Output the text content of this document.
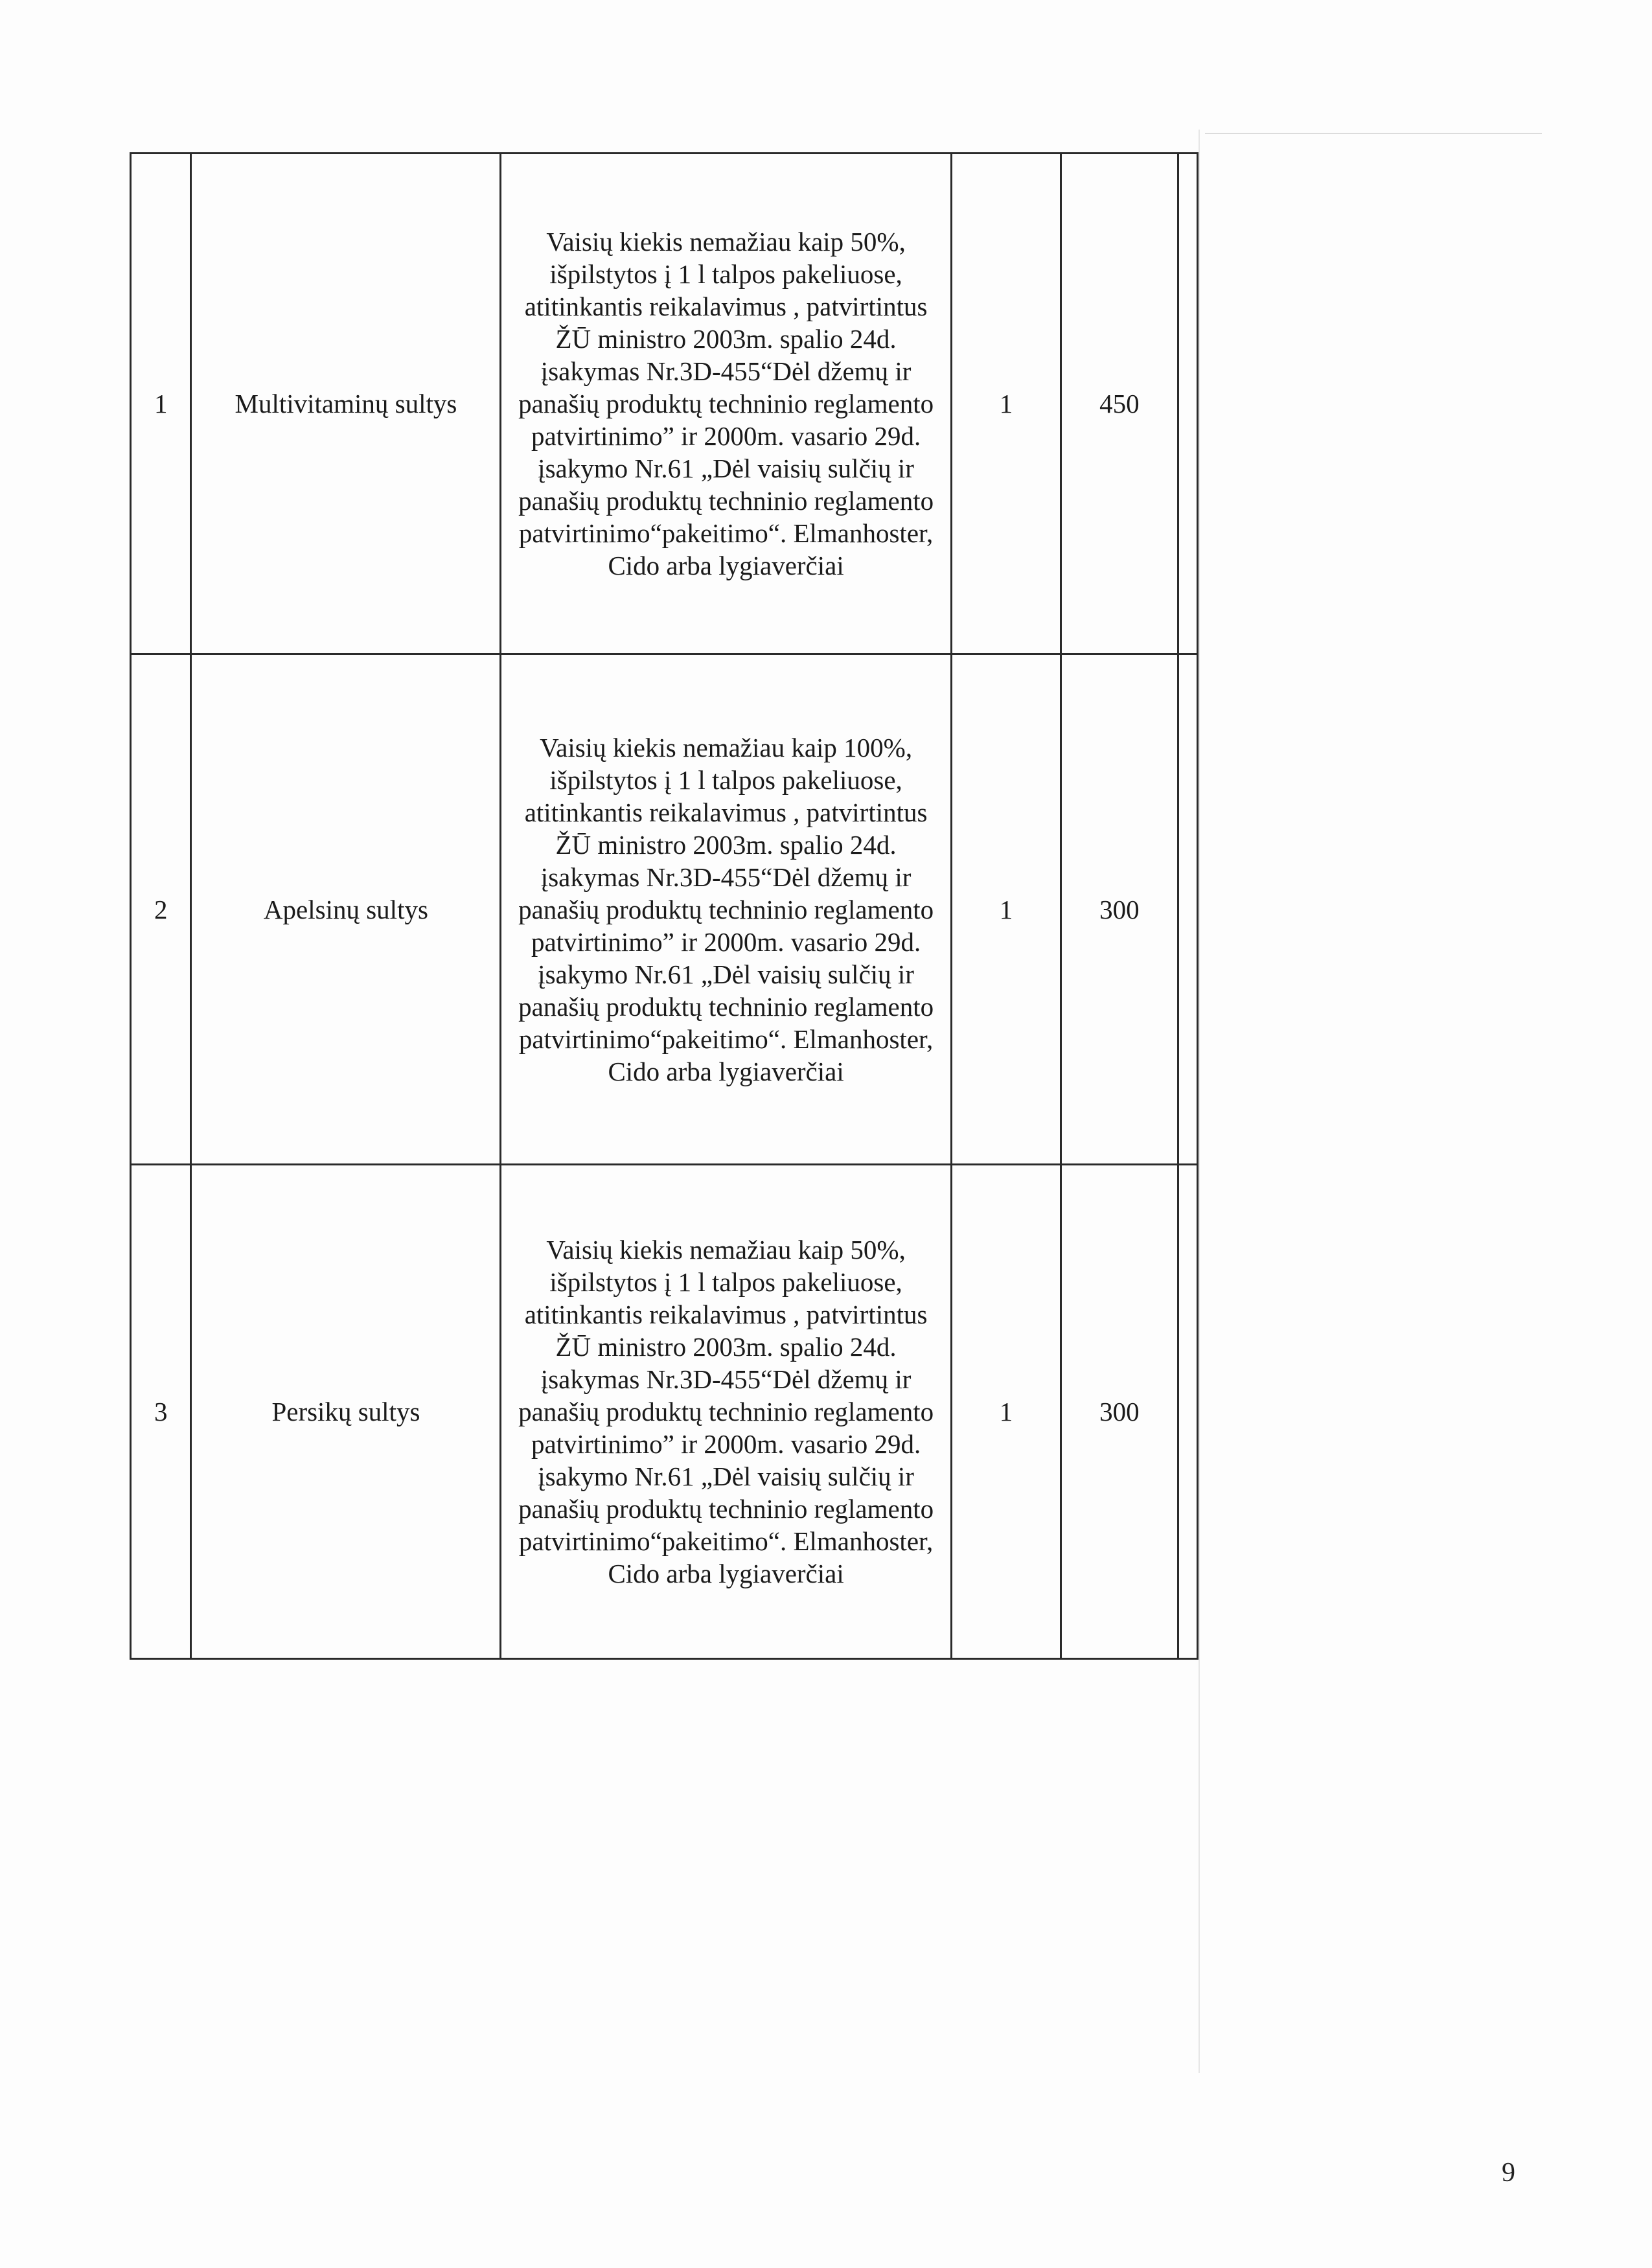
1	Multivitaminų sultys	Vaisių kiekis nemažiau kaip 50%, išpilstytos į 1 l talpos pakeliuose, atitinkantis reikalavimus , patvirtintus ŽŪ ministro 2003m. spalio 24d. įsakymas Nr.3D-455“Dėl džemų ir panašių produktų techninio reglamento patvirtinimo” ir 2000m. vasario 29d. įsakymo Nr.61 „Dėl vaisių sulčių ir panašių produktų techninio reglamento patvirtinimo“pakeitimo“. Elmanhoster, Cido arba lygiaverčiai	1	450	
2	Apelsinų sultys	Vaisių kiekis nemažiau kaip 100%, išpilstytos į 1 l talpos pakeliuose, atitinkantis reikalavimus , patvirtintus ŽŪ ministro 2003m. spalio 24d. įsakymas Nr.3D-455“Dėl džemų ir panašių produktų techninio reglamento patvirtinimo” ir 2000m. vasario 29d. įsakymo Nr.61 „Dėl vaisių sulčių ir panašių produktų techninio reglamento patvirtinimo“pakeitimo“. Elmanhoster, Cido arba lygiaverčiai	1	300	
3	Persikų sultys	Vaisių kiekis nemažiau kaip 50%, išpilstytos į 1 l talpos pakeliuose, atitinkantis reikalavimus , patvirtintus ŽŪ ministro 2003m. spalio 24d. įsakymas Nr.3D-455“Dėl džemų ir panašių produktų techninio reglamento patvirtinimo” ir 2000m. vasario 29d. įsakymo Nr.61 „Dėl vaisių sulčių ir panašių produktų techninio reglamento patvirtinimo“pakeitimo“. Elmanhoster, Cido arba lygiaverčiai	1	300	
9
